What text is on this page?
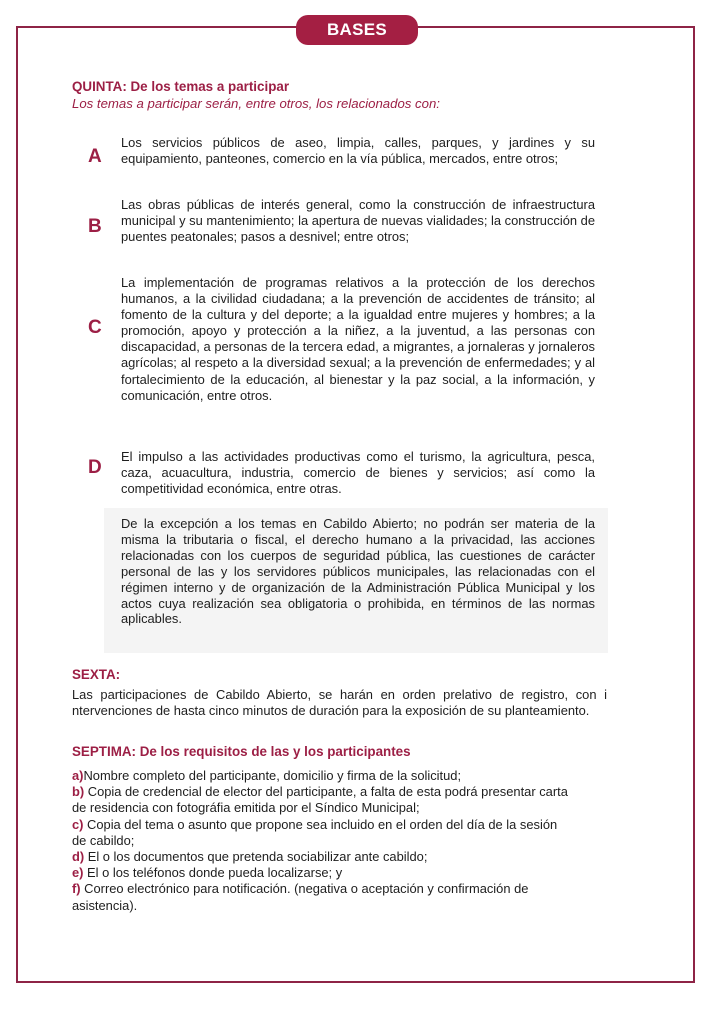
BASES
QUINTA: De los temas a participar
Los temas a participar serán, entre otros, los relacionados con:
A
Los servicios públicos de aseo, limpia, calles, parques, y jardines y su equipamiento, panteones, comercio en la vía pública, mercados, entre otros;
B
Las obras públicas de interés general, como la construcción de infraestructura municipal y su mantenimiento; la apertura de nuevas vialidades; la construcción de puentes peatonales; pasos a desnivel; entre otros;
C
La implementación de programas relativos a la protección de los derechos humanos, a la civilidad ciudadana; a la prevención de accidentes de tránsito; al fomento de la cultura y del deporte; a la igualdad entre mujeres y hombres; a la promoción, apoyo y protección a la niñez, a la juventud, a las personas con discapacidad, a personas de la tercera edad, a migrantes, a jornaleras y jornaleros agrícolas; al respeto a la diversidad sexual; a la prevención de enfermedades; y al fortalecimiento de la educación, al bienestar y la paz social, a la información, y comunicación, entre otros.
D
El impulso a las actividades productivas como el turismo, la agricultura, pesca, caza, acuacultura, industria, comercio de bienes y servicios; así como la competitividad económica, entre otras.
De la excepción a los temas en Cabildo Abierto; no podrán ser materia de la misma la tributaria o fiscal, el derecho humano a la privacidad, las acciones relacionadas con los cuerpos de seguridad pública, las cuestiones de carácter personal de las y los servidores públicos municipales, las relacionadas con el régimen interno y de organización de la Administración Pública Municipal y los actos cuya realización sea obligatoria o prohibida, en términos de las normas aplicables.
SEXTA:
Las participaciones de Cabildo Abierto, se harán en orden prelativo de registro, con i ntervenciones de hasta cinco minutos de duración para la exposición de su planteamiento.
SEPTIMA: De los requisitos de las y los participantes
a)Nombre completo del participante, domicilio y firma de la solicitud;
b) Copia de credencial de elector del participante, a falta de esta podrá presentar carta de residencia con fotográfia emitida por el Síndico Municipal;
c) Copia del tema o asunto que propone sea incluido en el orden del día de la sesión de cabildo;
d) El o los documentos que pretenda sociabilizar ante cabildo;
e) El o los teléfonos donde pueda localizarse; y
f) Correo electrónico para notificación. (negativa o aceptación y confirmación de asistencia).
